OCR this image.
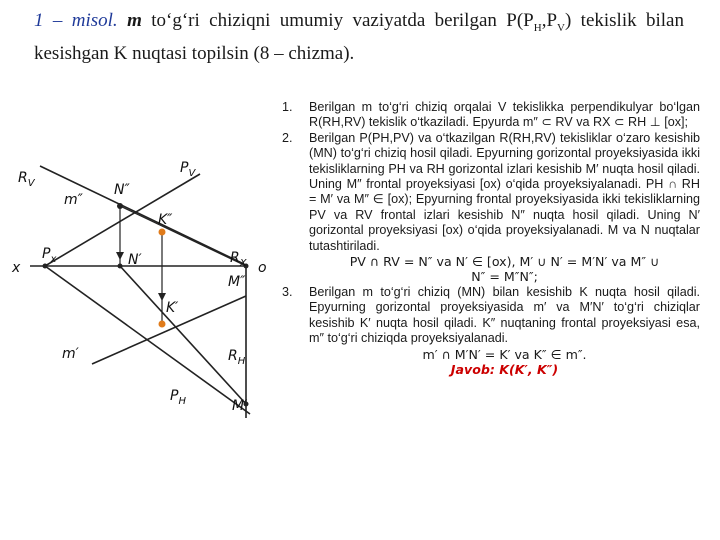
1 – misol. m to‘g‘ri chiziqni umumiy vaziyatda berilgan $P(P_H,P_V)$ tekislik bilan kesishgan K nuqtasi topilsin (8 – chizma).
$R_V$
$P_V$
m″
N″
K″
x
$P_x$	N′	$R_X$ o
M″
K′
m′	$R_H$
$P_H$	M′
1.	Berilgan m to‘g‘ri chiziq orqalai V tekislikka perpendikulyar bo‘lgan R(RH,RV) tekislik o‘tkaziladi. Epyurda m″ ⊂ RV va RX ⊂ RH ⊥ [ox];
2.	Berilgan P(PH,PV) va o‘tkazilgan R(RH,RV) tekisliklar o‘zaro kesishib (MN) to‘g‘ri chiziq hosil qiladi. Epyurning gorizontal proyeksiyasida ikki tekisliklarning PH va RH gorizontal izlari kesishib M′ nuqta hosil qiladi. Uning M″ frontal proyeksiyasi [ox) o‘qida proyeksiyalanadi. PH ∩ RH = M′ va M″ ∈ [ox); Epyurning frontal proyeksiyasida ikki tekisliklarning PV va RV frontal izlari kesishib N″ nuqta hosil qiladi. Uning N′ gorizontal proyeksiyasi [ox) o‘qida proyeksiyalanadi. M va N nuqtalar tutashtiriladi.
PV ∩ RV = N″ va N′ ∈ [ox), M′ ∪ N′ = M′N′ va M″ ∪
N″ = M″N″;
3.	Berilgan m to‘g‘ri chiziq (MN) bilan kesishib K nuqta hosil qiladi. Epyurning gorizontal proyeksiyasida m′ va M′N′ to‘g‘ri chiziqlar kesishib K′ nuqta hosil qiladi. K″ nuqtaning frontal proyeksiyasi esa, m″ to‘g‘ri chiziqda proyeksiyalanadi.
m′ ∩ M′N′ = K′ va K″ ∈ m″.
Javob: K(K′, K″)
